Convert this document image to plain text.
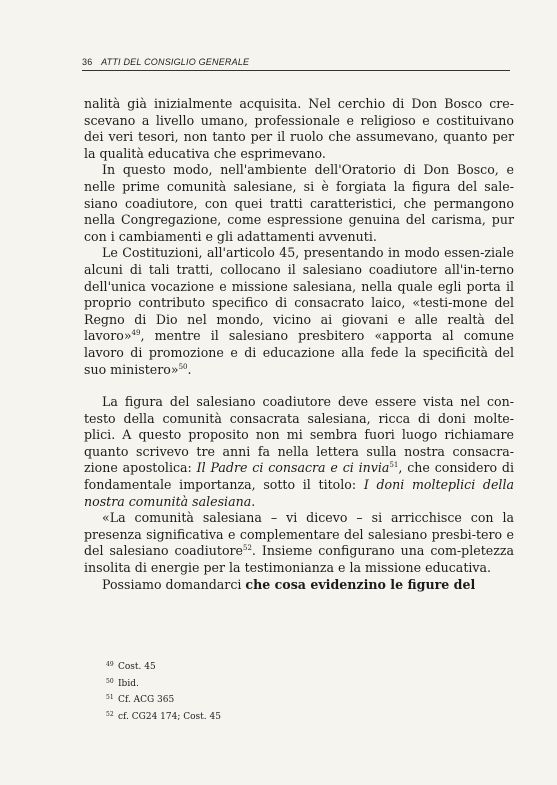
36 ATTI DEL CONSIGLIO GENERALE

nalità già inizialmente acquisita. Nel cerchio di Don Bosco cre-scevano a livello umano, professionale e religioso e costituivano dei veri tesori, non tanto per il ruolo che assumevano, quanto per la qualità educativa che esprimevano.

In questo modo, nell'ambiente dell'Oratorio di Don Bosco, e nelle prime comunità salesiane, si è forgiata la figura del sale-siano coadiutore, con quei tratti caratteristici, che permangono nella Congregazione, come espressione genuina del carisma, pur con i cambiamenti e gli adattamenti avvenuti.

Le Costituzioni, all'articolo 45, presentando in modo essen-ziale alcuni di tali tratti, collocano il salesiano coadiutore all'in-terno dell'unica vocazione e missione salesiana, nella quale egli porta il proprio contributo specifico di consacrato laico, «testi-mone del Regno di Dio nel mondo, vicino ai giovani e alle realtà del lavoro»$^{49}$, mentre il salesiano presbitero «apporta al comune lavoro di promozione e di educazione alla fede la specificità del suo ministero»$^{50}$.

La figura del salesiano coadiutore deve essere vista nel con-testo della comunità consacrata salesiana, ricca di doni molte-plici. A questo proposito non mi sembra fuori luogo richiamare quanto scrivevo tre anni fa nella lettera sulla nostra consacra-zione apostolica: Il Padre ci consacra e ci invia$^{51}$, che considero di fondamentale importanza, sotto il titolo: I doni molteplici della nostra comunità salesiana.

«La comunità salesiana – vi dicevo – si arricchisce con la presenza significativa e complementare del salesiano presbi-tero e del salesiano coadiutore$^{52}$. Insieme configurano una com-pletezza insolita di energie per la testimonianza e la missione educativa.

Possiamo domandarci che cosa evidenzino le figure del

49 Cost. 45
50 Ibid.
51 Cf. ACG 365
52 cf. CG24 174; Cost. 45
